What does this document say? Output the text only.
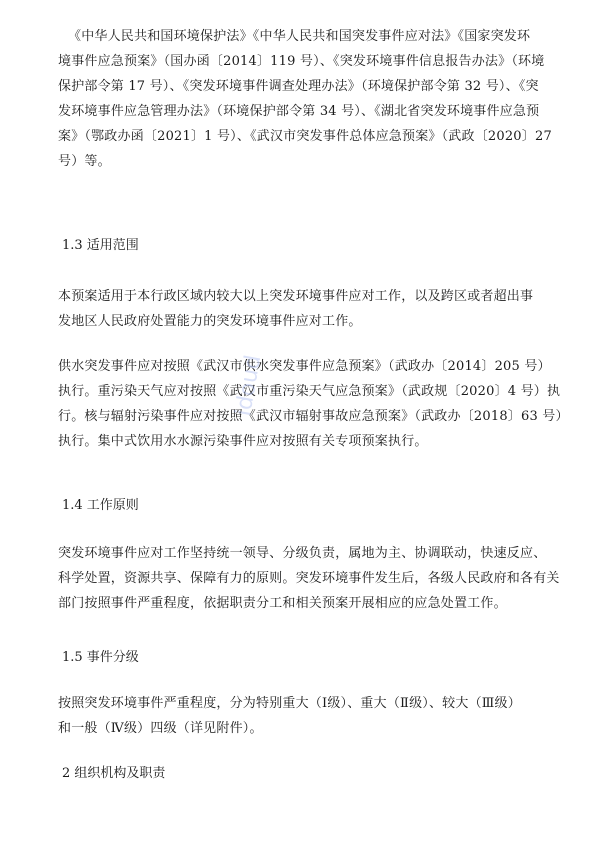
《中华人民共和国环境保护法》《中华人民共和国突发事件应对法》《国家突发环
境事件应急预案》（国办函〔2014〕119 号）、《突发环境事件信息报告办法》（环境
保护部令第 17 号）、《突发环境事件调查处理办法》（环境保护部令第 32 号）、《突
发环境事件应急管理办法》（环境保护部令第 34 号）、《湖北省突发环境事件应急预
案》（鄂政办函〔2021〕1 号）、《武汉市突发事件总体应急预案》（武政〔2020〕27
号）等。
1.3 适用范围
本预案适用于本行政区域内较大以上突发环境事件应对工作，以及跨区或者超出事
发地区人民政府处置能力的突发环境事件应对工作。
供水突发事件应对按照《武汉市供水突发事件应急预案》（武政办〔2014〕205 号）
执行。重污染天气应对按照《武汉市重污染天气应急预案》（武政规〔2020〕4 号）执
行。核与辐射污染事件应对按照《武汉市辐射事故应急预案》（武政办〔2018〕63 号）
执行。集中式饮用水水源污染事件应对按照有关专项预案执行。
1.4 工作原则
突发环境事件应对工作坚持统一领导、分级负责，属地为主、协调联动，快速反应、
科学处置，资源共享、保障有力的原则。突发环境事件发生后，各级人民政府和各有关
部门按照事件严重程度，依据职责分工和相关预案开展相应的应急处置工作。
1.5 事件分级
按照突发环境事件严重程度，分为特别重大（Ⅰ级）、重大（Ⅱ级）、较大（Ⅲ级）
和一般（Ⅳ级）四级（详见附件）。
2 组织机构及职责
idoud
